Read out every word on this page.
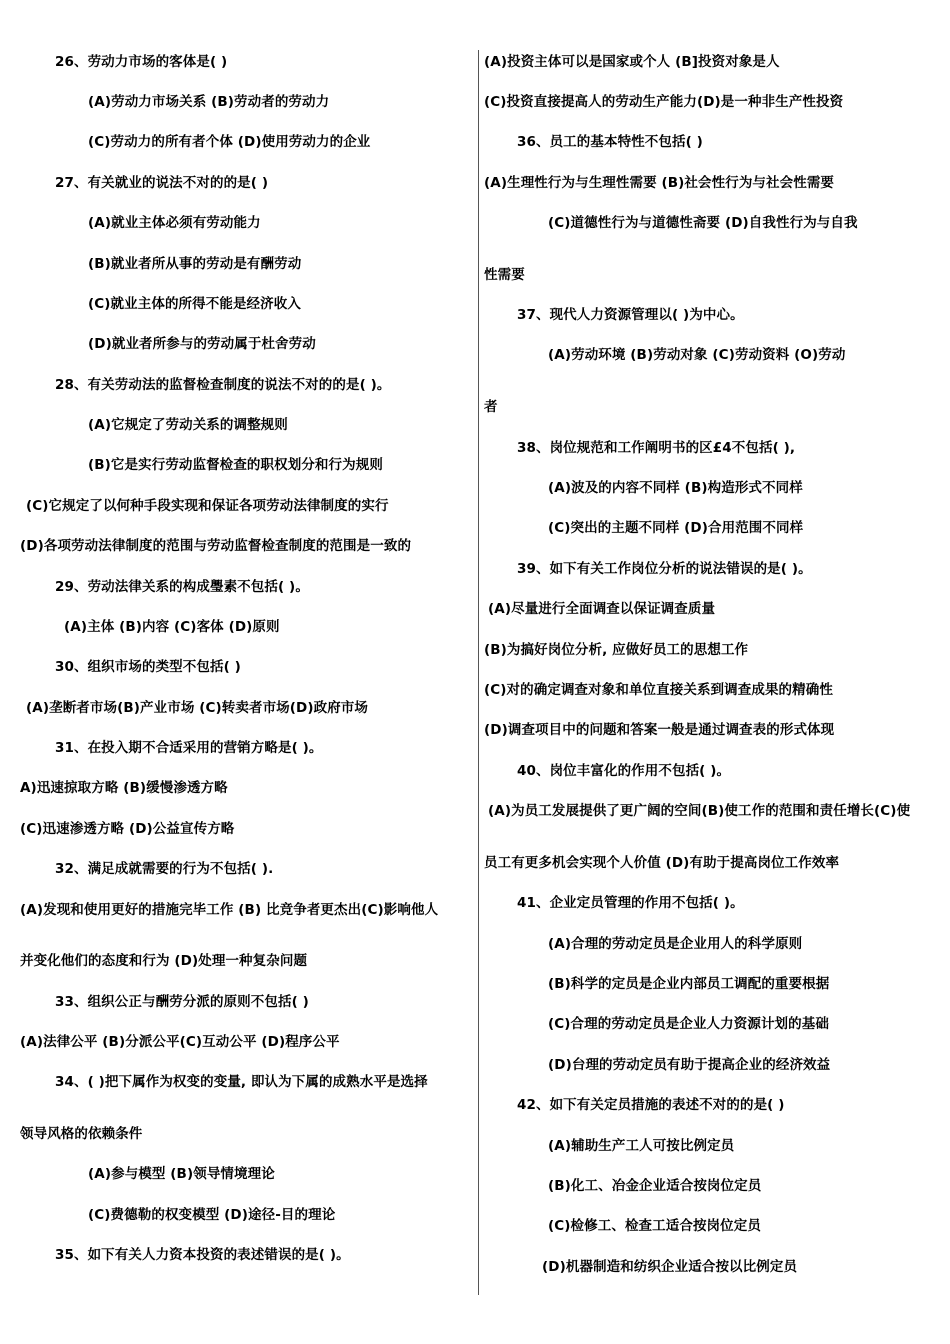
26、劳动力市场的客体是( )
(A)劳动力市场关系 (B)劳动者的劳动力
(C)劳动力的所有者个体 (D)使用劳动力的企业
27、有关就业的说法不对的的是( )
(A)就业主体必须有劳动能力
(B)就业者所从事的劳动是有酬劳动
(C)就业主体的所得不能是经济收入
(D)就业者所参与的劳动属于杜舍劳动
28、有关劳动法的监督检查制度的说法不对的的是( )。
(A)它规定了劳动关系的调整规则
(B)它是实行劳动监督检查的职权划分和行为规则
(C)它规定了以何种手段实现和保证各项劳动法律制度的实行
(D)各项劳动法律制度的范围与劳动监督检查制度的范围是一致的
29、劳动法律关系的构成璺素不包括( )。
(A)主体 (B)内容 (C)客体 (D)原则
30、组织市场的类型不包括( )
(A)垄断者市场(B)产业市场 (C)转卖者市场(D)政府市场
31、在投入期不合适采用的营销方略是( )。
A)迅速掠取方略 (B)缓慢渗透方略
(C)迅速渗透方略 (D)公益宣传方略
32、满足成就需要的行为不包括( ).
(A)发现和使用更好的措施完毕工作 (B) 比竞争者更杰出(C)影响他人
并变化他们的态度和行为 (D)处理一种复杂问题
33、组织公正与酬劳分派的原则不包括( )
(A)法律公平 (B)分派公平(C)互动公平 (D)程序公平
34、( )把下属作为权变的变量, 即认为下属的成熟水平是选择
领导风格的依赖条件
(A)参与模型 (B)领导情境理论
(C)费德勒的权变模型 (D)途径-目的理论
35、如下有关人力资本投资的表述错误的是( )。
(A)投资主体可以是国家或个人 (B]投资对象是人
(C)投资直接提高人的劳动生产能力(D)是一种非生产性投资
36、员工的基本特性不包括( )
(A)生理性行为与生理性需要 (B)社会性行为与社会性需要
(C)道德性行为与道德性斋要 (D)自我性行为与自我
性需要
37、现代人力资源管理以( )为中心。
(A)劳动环境 (B)劳动对象 (C)劳动资料 (O)劳动
者
38、岗位规范和工作阐明书的区£4不包括( ),
(A)波及的内容不同样 (B)构造形式不同样
(C)突出的主题不同样 (D)合用范围不同样
39、如下有关工作岗位分析的说法错误的是( )。
(A)尽量进行全面调查以保证调查质量
(B)为搞好岗位分析, 应做好员工的思想工作
(C)对的确定调查对象和单位直接关系到调查成果的精确性
(D)调查项目中的问题和答案一般是通过调查表的形式体现
40、岗位丰富化的作用不包括( )。
(A)为员工发展提供了更广阔的空间(B)使工作的范围和责任增长(C)使
员工有更多机会实现个人价值 (D)有助于提高岗位工作效率
41、企业定员管理的作用不包括( )。
(A)合理的劳动定员是企业用人的科学原则
(B)科学的定员是企业内部员工调配的重要根据
(C)合理的劳动定员是企业人力资源计划的基础
(D)台理的劳动定员有助于提高企业的经济效益
42、如下有关定员措施的表述不对的的是( )
(A)辅助生产工人可按比例定员
(B)化工、冶金企业适合按岗位定员
(C)检修工、检查工适合按岗位定员
(D)机器制造和纺织企业适合按以比例定员
